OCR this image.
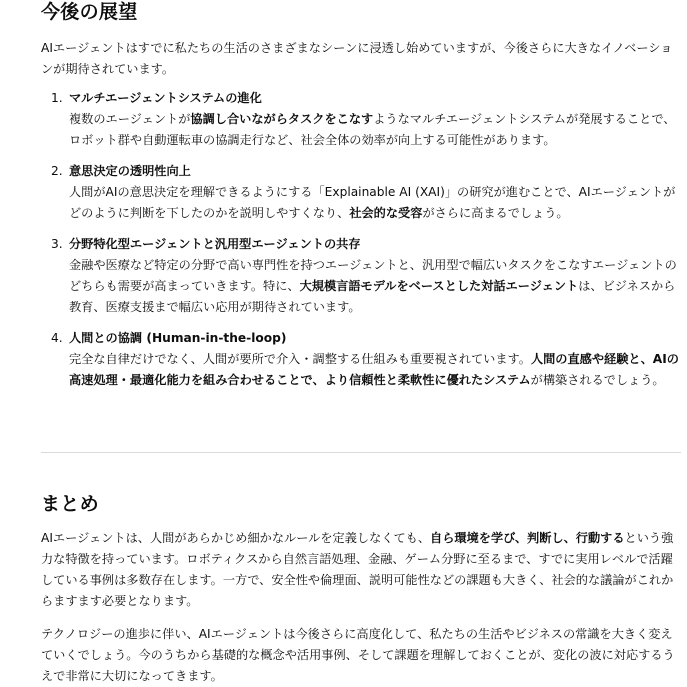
今後の展望

AIエージェントはすでに私たちの生活のさまざまなシーンに浸透し始めていますが、今後さらに大きなイノベーションが期待されています。

1. マルチエージェントシステムの進化
複数のエージェントが協調し合いながらタスクをこなすようなマルチエージェントシステムが発展することで、ロボット群や自動運転車の協調走行など、社会全体の効率が向上する可能性があります。
2. 意思決定の透明性向上
人間がAIの意思決定を理解できるようにする「Explainable AI (XAI)」の研究が進むことで、AIエージェントがどのように判断を下したのかを説明しやすくなり、社会的な受容がさらに高まるでしょう。
3. 分野特化型エージェントと汎用型エージェントの共存
金融や医療など特定の分野で高い専門性を持つエージェントと、汎用型で幅広いタスクをこなすエージェントのどちらも需要が高まっていきます。特に、大規模言語モデルをベースとした対話エージェントは、ビジネスから教育、医療支援まで幅広い応用が期待されています。
4. 人間との協調 (Human-in-the-loop)
完全な自律だけでなく、人間が要所で介入・調整する仕組みも重要視されています。人間の直感や経験と、AIの高速処理・最適化能力を組み合わせることで、より信頼性と柔軟性に優れたシステムが構築されるでしょう。
まとめ

AIエージェントは、人間があらかじめ細かなルールを定義しなくても、自ら環境を学び、判断し、行動するという強力な特徴を持っています。ロボティクスから自然言語処理、金融、ゲーム分野に至るまで、すでに実用レベルで活躍している事例は多数存在します。一方で、安全性や倫理面、説明可能性などの課題も大きく、社会的な議論がこれからますます必要となります。

テクノロジーの進歩に伴い、AIエージェントは今後さらに高度化して、私たちの生活やビジネスの常識を大きく変えていくでしょう。今のうちから基礎的な概念や活用事例、そして課題を理解しておくことが、変化の波に対応するうえで非常に大切になってきます。
